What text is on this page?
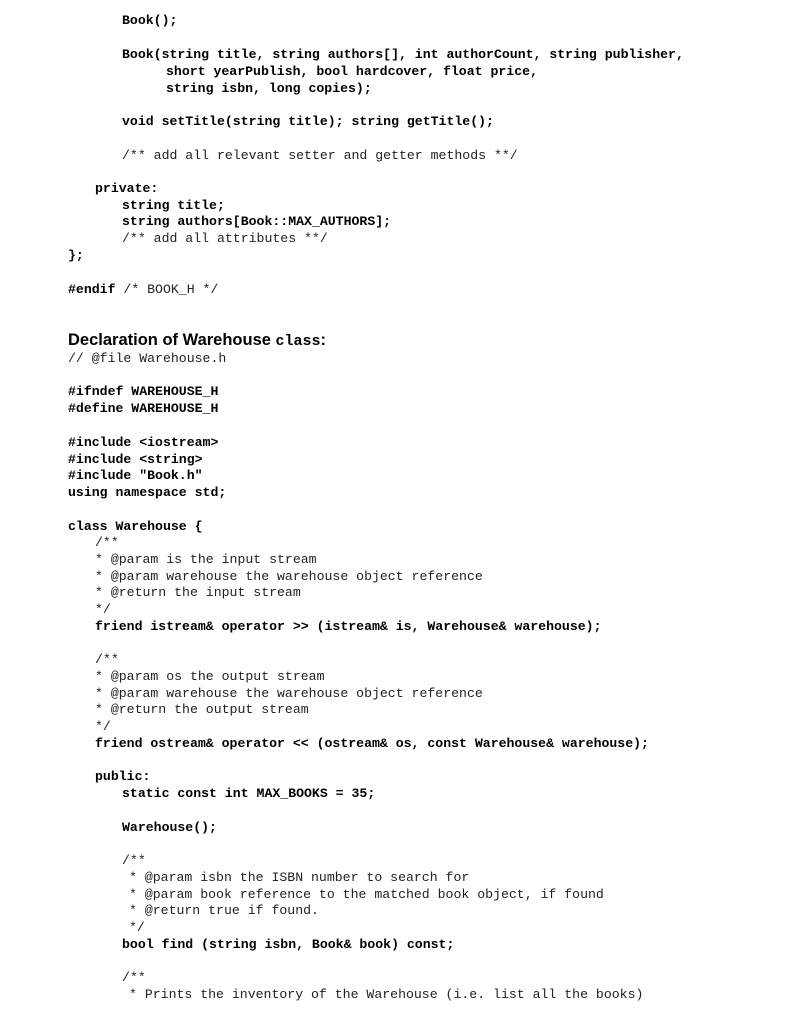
Book();
Book(string title, string authors[], int authorCount, string publisher,
short yearPublish, bool hardcover, float price,
string isbn, long copies);
void setTitle(string title); string getTitle();
/** add all relevant setter and getter methods **/
private:
string title;
string authors[Book::MAX_AUTHORS];
/** add all attributes **/
};
#endif /* BOOK_H */
Declaration of Warehouse class:
// @file Warehouse.h
#ifndef WAREHOUSE_H
#define WAREHOUSE_H
#include <iostream>
#include <string>
#include "Book.h"
using namespace std;
class Warehouse {
/**
* @param is the input stream
* @param warehouse the warehouse object reference
* @return the input stream
*/
friend istream& operator >> (istream& is, Warehouse& warehouse);
/**
* @param os the output stream
* @param warehouse the warehouse object reference
* @return the output stream
*/
friend ostream& operator << (ostream& os, const Warehouse& warehouse);
public:
static const int MAX_BOOKS = 35;
Warehouse();
/**
* @param isbn the ISBN number to search for
* @param book reference to the matched book object, if found
* @return true if found.
*/
bool find (string isbn, Book& book) const;
/**
* Prints the inventory of the Warehouse (i.e. list all the books)
